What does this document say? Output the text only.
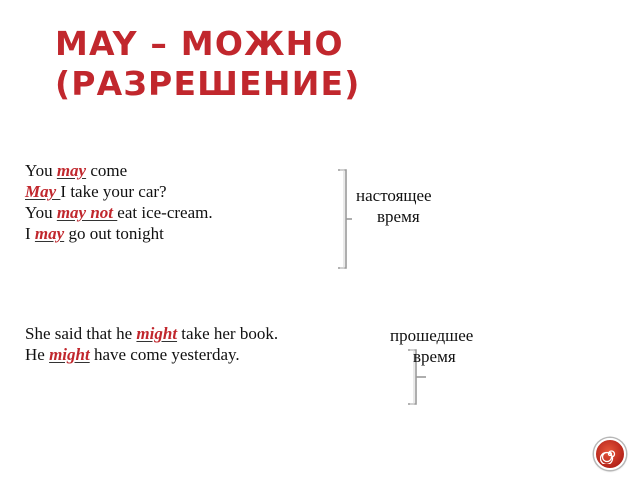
MAY – МОЖНО
(РАЗРЕШЕНИЕ)
You may come
May I take your car?
You may not eat ice-cream.
I may go out tonight
настоящее
время
She said that he might take her book.
He might have come yesterday.
прошедшее
время
